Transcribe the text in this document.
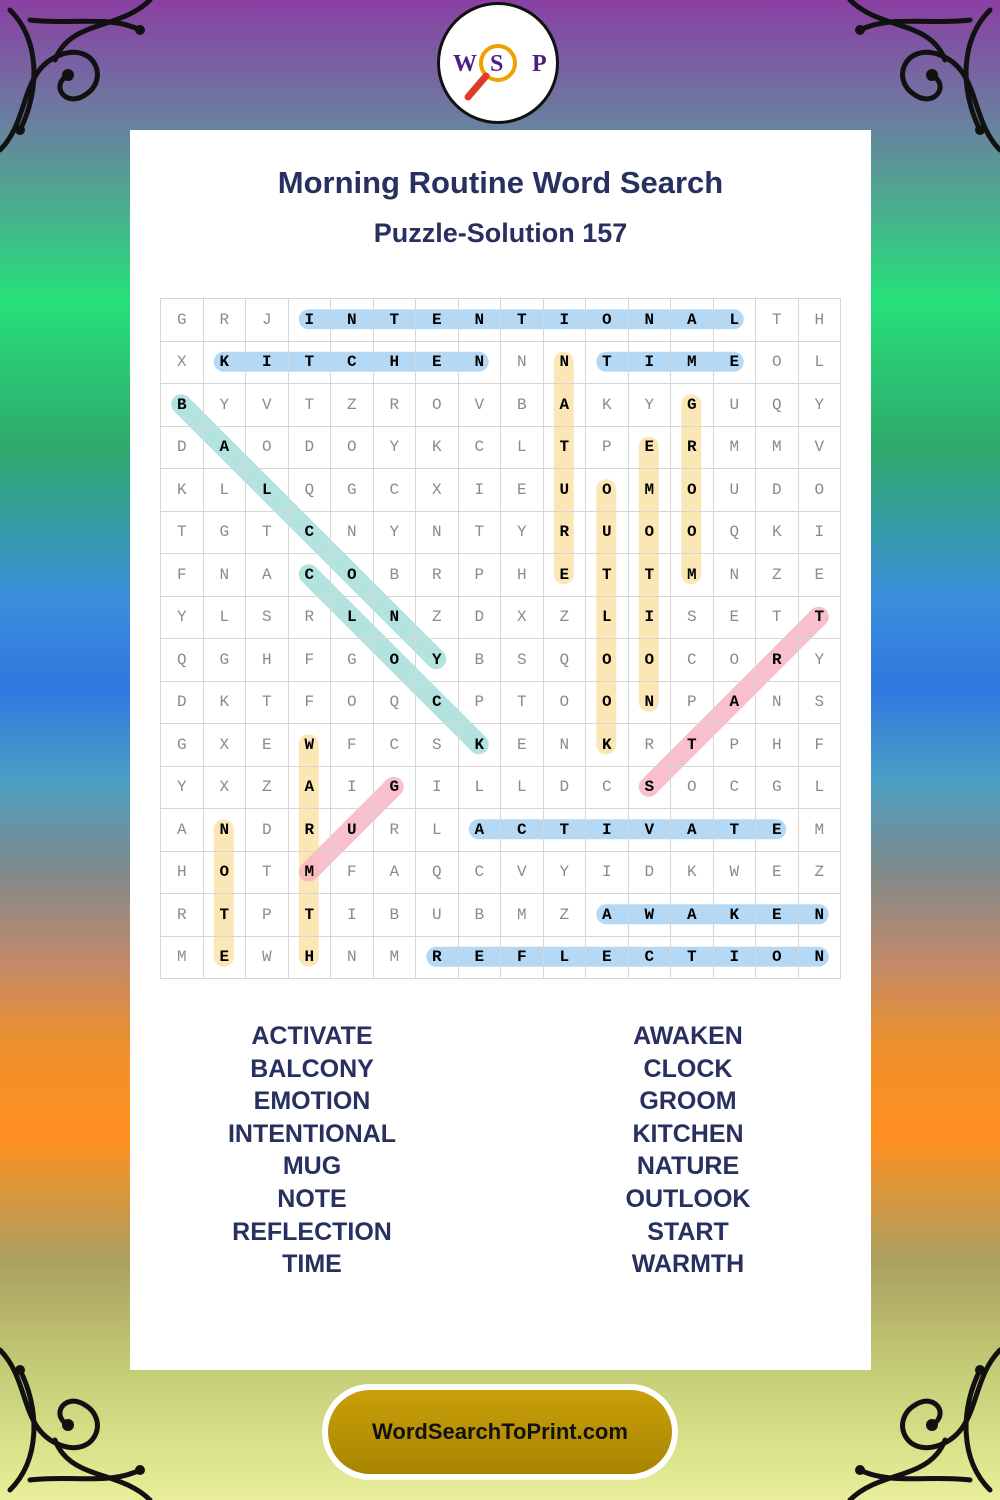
W S P
Morning Routine Word Search
Puzzle-Solution 157
G	R	J	I	N	T	E	N	T	I	O	N	A	L	T	H
X	K	I	T	C	H	E	N	N	N	T	I	M	E	O	L
B	Y	V	T	Z	R	O	V	B	A	K	Y	G	U	Q	Y
D	A	O	D	O	Y	K	C	L	T	P	E	R	M	M	V
K	L	L	Q	G	C	X	I	E	U	O	M	O	U	D	O
T	G	T	C	N	Y	N	T	Y	R	U	O	O	Q	K	I
F	N	A	C	O	B	R	P	H	E	T	T	M	N	Z	E
Y	L	S	R	L	N	Z	D	X	Z	L	I	S	E	T	T
Q	G	H	F	G	O	Y	B	S	Q	O	O	C	O	R	Y
D	K	T	F	O	Q	C	P	T	O	O	N	P	A	N	S
G	X	E	W	F	C	S	K	E	N	K	R	T	P	H	F
Y	X	Z	A	I	G	I	L	L	D	C	S	O	C	G	L
A	N	D	R	U	R	L	A	C	T	I	V	A	T	E	M
H	O	T	M	F	A	Q	C	V	Y	I	D	K	W	E	Z
R	T	P	T	I	B	U	B	M	Z	A	W	A	K	E	N
M	E	W	H	N	M	R	E	F	L	E	C	T	I	O	N
ACTIVATE
BALCONY
EMOTION
INTENTIONAL
MUG
NOTE
REFLECTION
TIME
AWAKEN
CLOCK
GROOM
KITCHEN
NATURE
OUTLOOK
START
WARMTH
WordSearchToPrint.com
